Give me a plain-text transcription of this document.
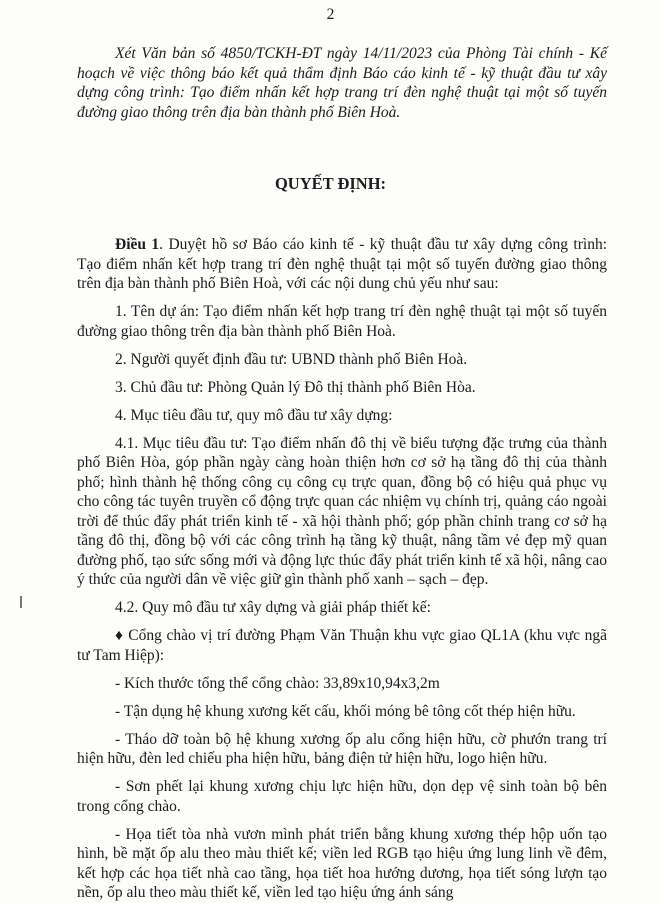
2

Xét Văn bản số 4850/TCKH-ĐT ngày 14/11/2023 của Phòng Tài chính - Kế hoạch về việc thông báo kết quả thẩm định Báo cáo kinh tế - kỹ thuật đầu tư xây dựng công trình: Tạo điểm nhấn kết hợp trang trí đèn nghệ thuật tại một số tuyến đường giao thông trên địa bàn thành phố Biên Hoà.

QUYẾT ĐỊNH:

Điều 1. Duyệt hồ sơ Báo cáo kinh tế - kỹ thuật đầu tư xây dựng công trình: Tạo điểm nhấn kết hợp trang trí đèn nghệ thuật tại một số tuyến đường giao thông trên địa bàn thành phố Biên Hoà, với các nội dung chủ yếu như sau:

1. Tên dự án: Tạo điểm nhấn kết hợp trang trí đèn nghệ thuật tại một số tuyến đường giao thông trên địa bàn thành phố Biên Hoà.

2. Người quyết định đầu tư: UBND thành phố Biên Hoà.

3. Chủ đầu tư: Phòng Quản lý Đô thị thành phố Biên Hòa.

4. Mục tiêu đầu tư, quy mô đầu tư xây dựng:

4.1. Mục tiêu đầu tư: Tạo điểm nhấn đô thị về biểu tượng đặc trưng của thành phố Biên Hòa, góp phần ngày càng hoàn thiện hơn cơ sở hạ tầng đô thị của thành phố; hình thành hệ thống công cụ công cụ trực quan, đồng bộ có hiệu quả phục vụ cho công tác tuyên truyền cổ động trực quan các nhiệm vụ chính trị, quảng cáo ngoài trời để thúc đẩy phát triển kinh tế - xã hội thành phố; góp phần chỉnh trang cơ sở hạ tầng đô thị, đồng bộ với các công trình hạ tầng kỹ thuật, nâng tầm vẻ đẹp mỹ quan đường phố, tạo sức sống mới và động lực thúc đẩy phát triển kinh tế xã hội, nâng cao ý thức của người dân về việc giữ gìn thành phố xanh – sạch – đẹp.

4.2. Quy mô đầu tư xây dựng và giải pháp thiết kế:

♦ Cổng chào vị trí đường Phạm Văn Thuận khu vực giao QL1A (khu vực ngã tư Tam Hiệp):

- Kích thước tổng thể cổng chào: 33,89x10,94x3,2m

- Tận dụng hệ khung xương kết cấu, khối móng bê tông cốt thép hiện hữu.

- Tháo dỡ toàn bộ hệ khung xương ốp alu cổng hiện hữu, cờ phướn trang trí hiện hữu, đèn led chiếu pha hiện hữu, bảng điện tử hiện hữu, logo hiện hữu.

- Sơn phết lại khung xương chịu lực hiện hữu, dọn dẹp vệ sinh toàn bộ bên trong cổng chào.

- Họa tiết tòa nhà vươn mình phát triển bằng khung xương thép hộp uốn tạo hình, bề mặt ốp alu theo màu thiết kế; viền led RGB tạo hiệu ứng lung linh về đêm, kết hợp các họa tiết nhà cao tầng, họa tiết hoa hướng dương, họa tiết sóng lượn tạo nền, ốp alu theo màu thiết kế, viền led tạo hiệu ứng ánh sáng
